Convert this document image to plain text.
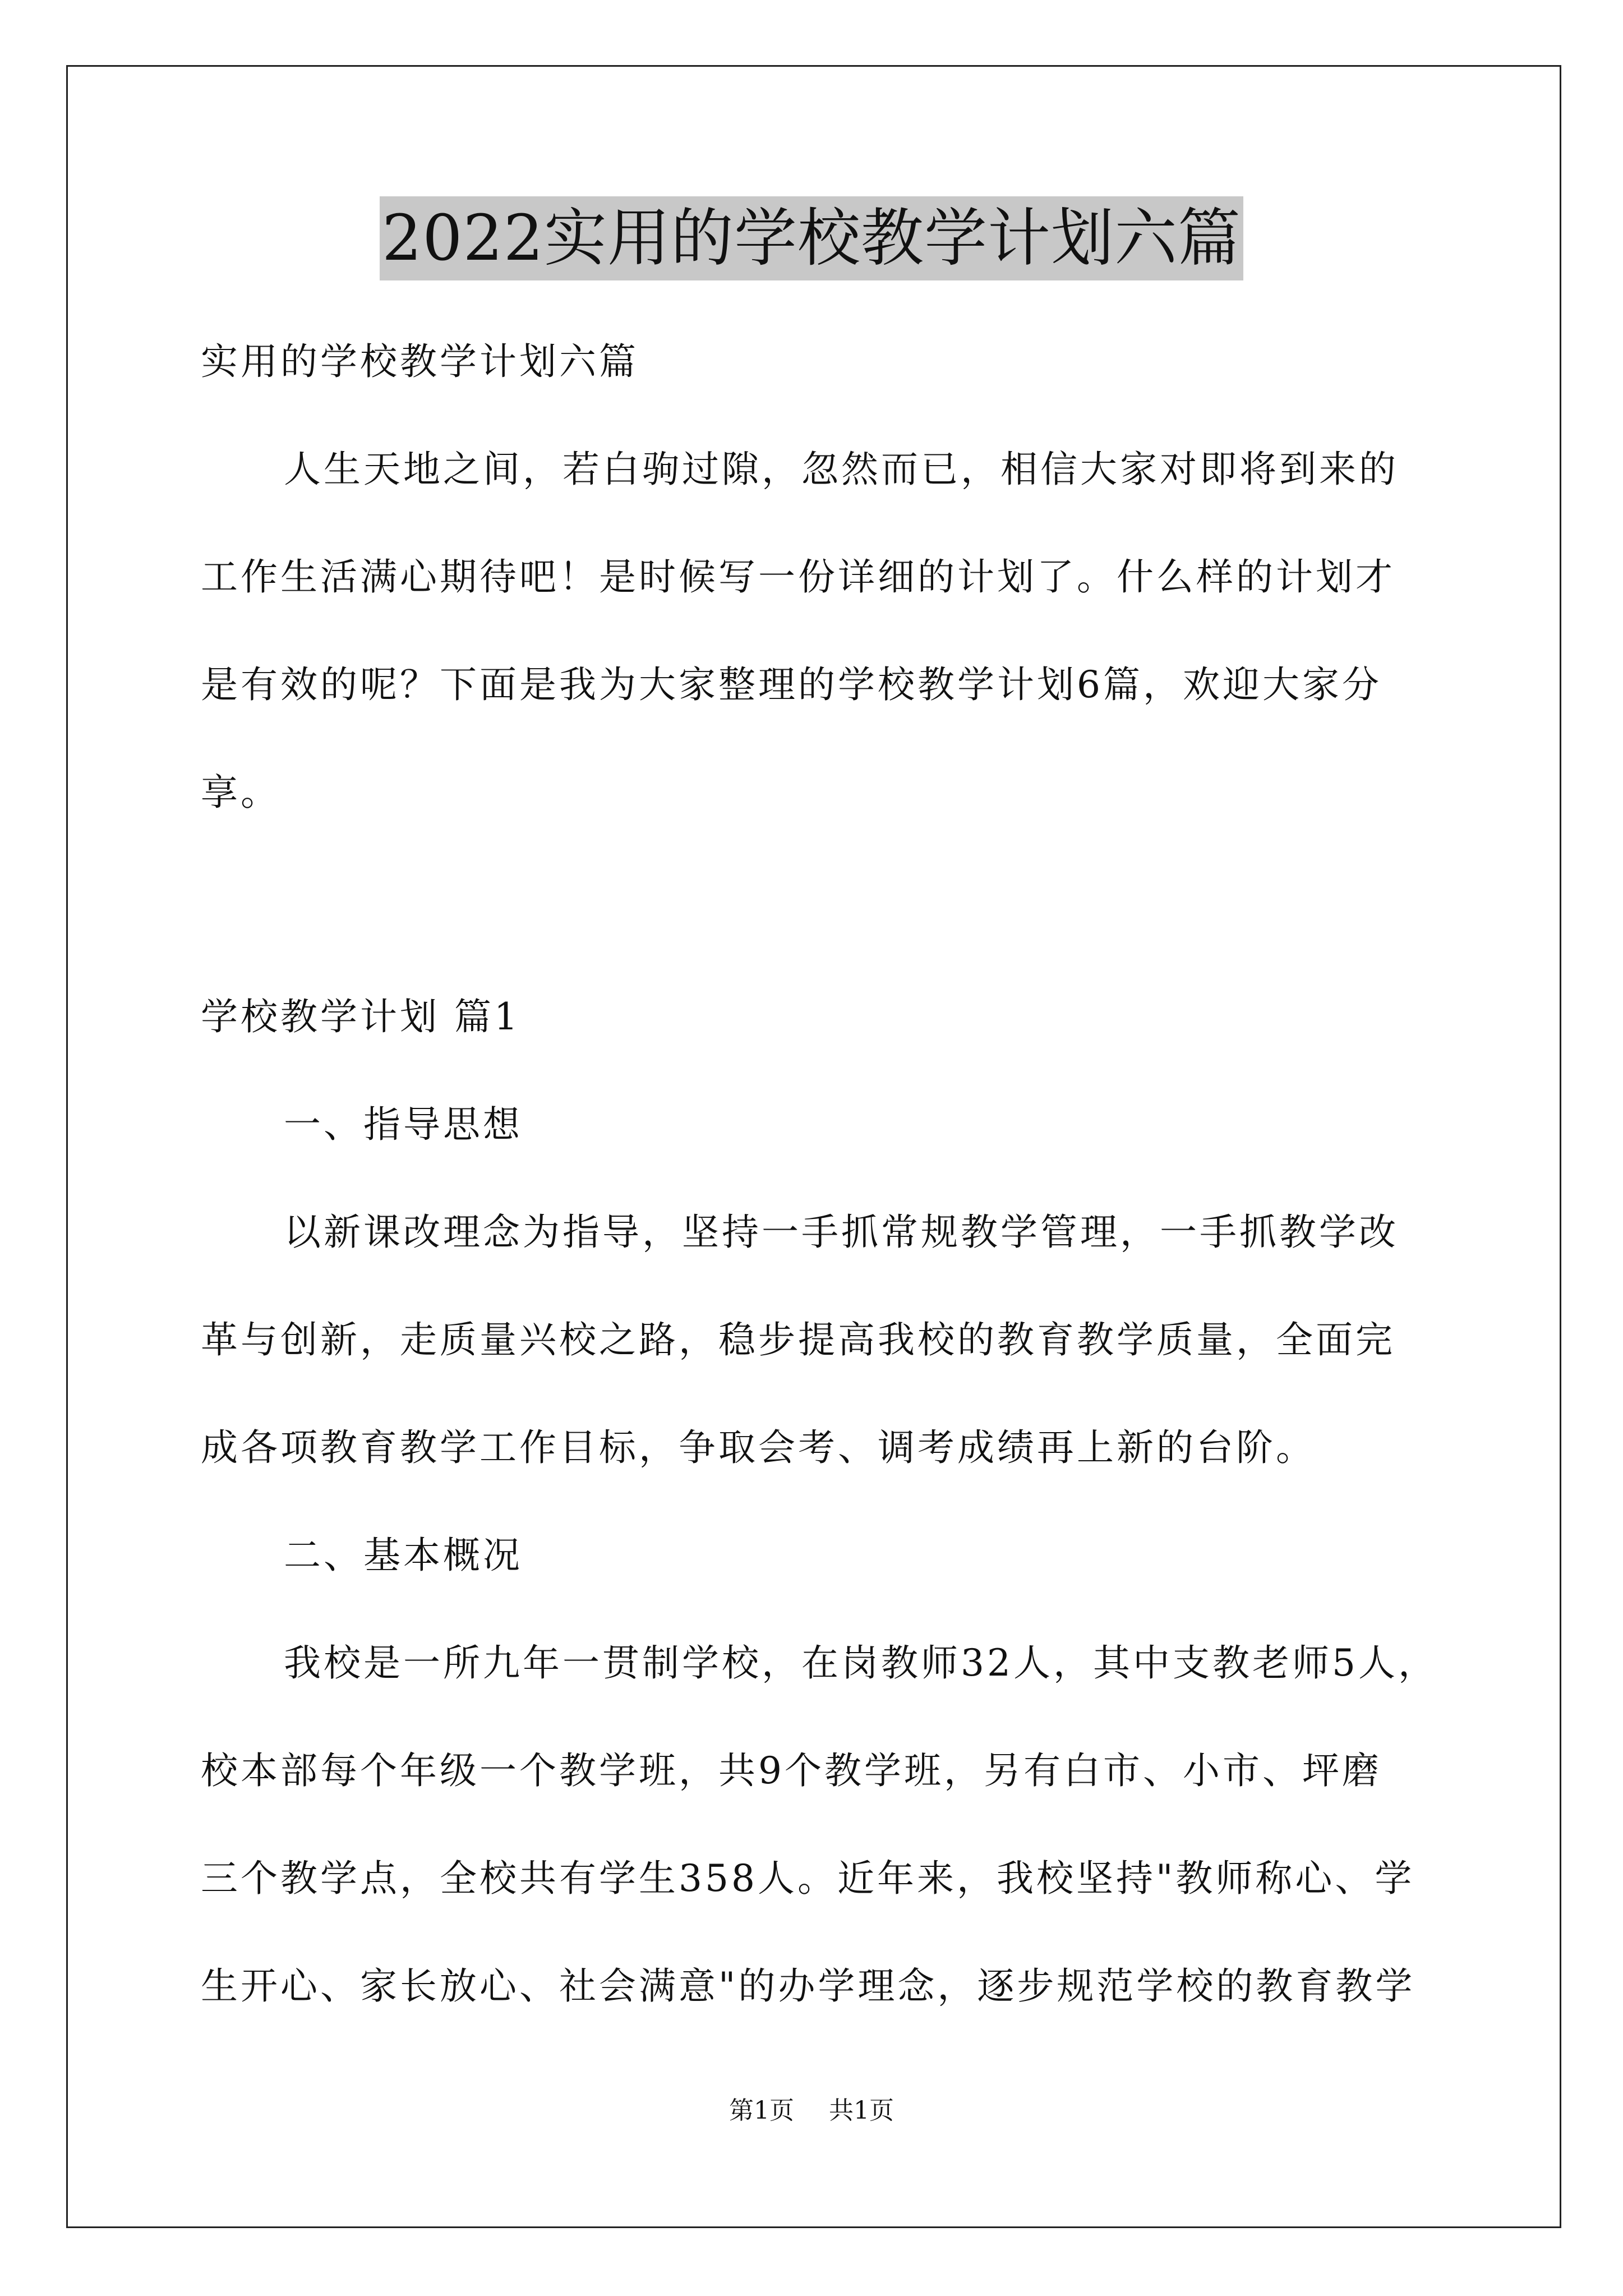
2022实用的学校教学计划六篇
实用的学校教学计划六篇
人生天地之间，若白驹过隙，忽然而已，相信大家对即将到来的
工作生活满心期待吧！是时候写一份详细的计划了。什么样的计划才
是有效的呢？下面是我为大家整理的学校教学计划6篇，欢迎大家分
享。
学校教学计划 篇1
一、指导思想
以新课改理念为指导，坚持一手抓常规教学管理，一手抓教学改
革与创新，走质量兴校之路，稳步提高我校的教育教学质量，全面完
成各项教育教学工作目标，争取会考、调考成绩再上新的台阶。
二、基本概况
我校是一所九年一贯制学校，在岗教师32人，其中支教老师5人，
校本部每个年级一个教学班，共9个教学班，另有白市、小市、坪磨
三个教学点，全校共有学生358人。近年来，我校坚持"教师称心、学
生开心、家长放心、社会满意"的办学理念，逐步规范学校的教育教学
第1页 共1页
